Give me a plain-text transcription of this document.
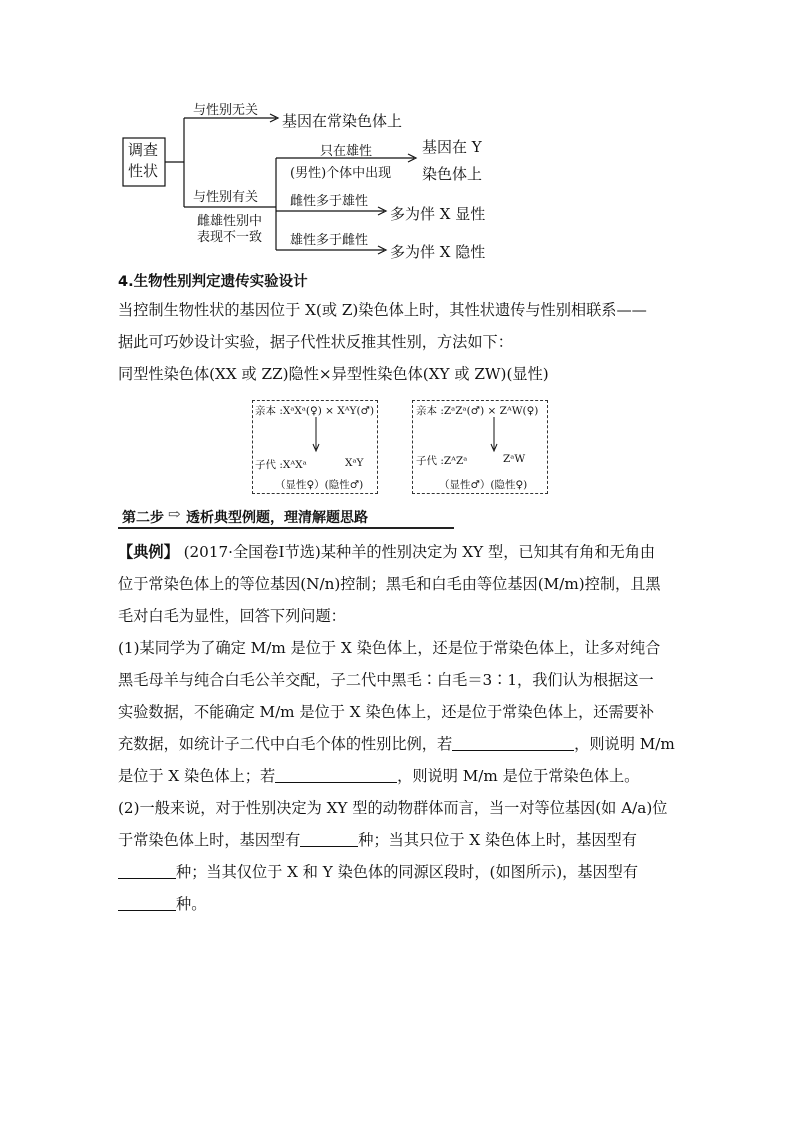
调查
性状
与性别无关
基因在常染色体上
与性别有关
雌雄性别中
表现不一致
只在雄性
(男性)个体中出现
基因在 Y
染色体上
雌性多于雄性
多为伴 X 显性
雄性多于雌性
多为伴 X 隐性
4.生物性别判定遗传实验设计
当控制生物性状的基因位于 X(或 Z)染色体上时，其性状遗传与性别相联系——
据此可巧妙设计实验，据子代性状反推其性别，方法如下：
同型性染色体(XX 或 ZZ)隐性×异型性染色体(XY 或 ZW)(显性)
亲本 :XᵃXᵃ(♀) × XᴬY(♂)
子代 :XᴬXᵃ	XᵃY
（显性♀）(隐性♂)
亲本 :ZᵃZᵃ(♂) × ZᴬW(♀)
子代 :ZᴬZᵃ	ZᵃW
（显性♂）(隐性♀)
第二步 ⇨ 透析典型例题，理清解题思路
【典例】 (2017·全国卷Ⅰ节选)某种羊的性别决定为 XY 型，已知其有角和无角由
位于常染色体上的等位基因(N/n)控制；黑毛和白毛由等位基因(M/m)控制，且黑
毛对白毛为显性，回答下列问题：
(1)某同学为了确定 M/m 是位于 X 染色体上，还是位于常染色体上，让多对纯合
黑毛母羊与纯合白毛公羊交配，子二代中黑毛∶白毛＝3∶1，我们认为根据这一
实验数据，不能确定 M/m 是位于 X 染色体上，还是位于常染色体上，还需要补
充数据，如统计子二代中白毛个体的性别比例，若	，则说明 M/m
是位于 X 染色体上；若	，则说明 M/m 是位于常染色体上。
(2)一般来说，对于性别决定为 XY 型的动物群体而言，当一对等位基因(如 A/a)位
于常染色体上时，基因型有	种；当其只位于 X 染色体上时，基因型有
种；当其仅位于 X 和 Y 染色体的同源区段时，(如图所示)，基因型有
种。
